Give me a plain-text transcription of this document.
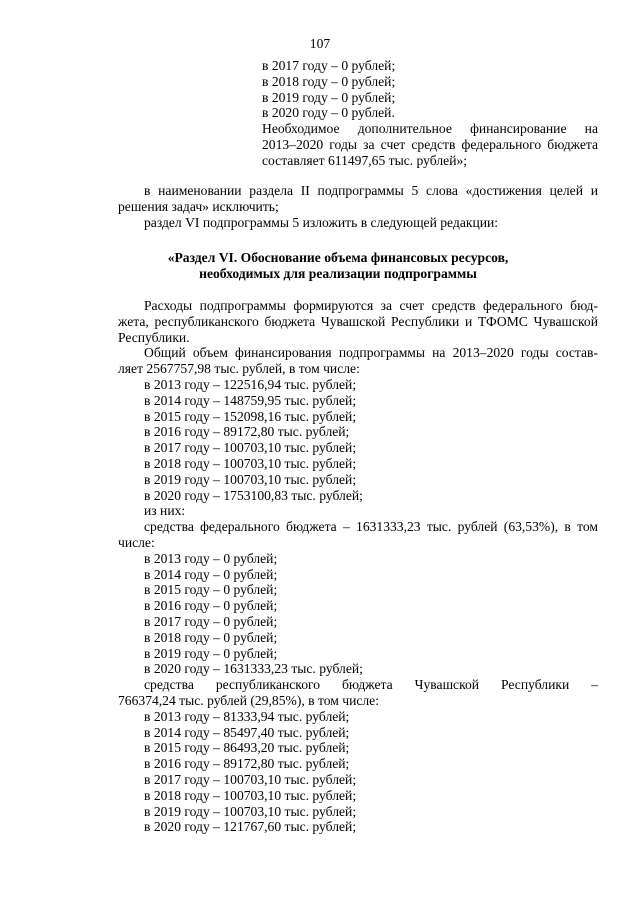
107
в 2017 году – 0 рублей;
в 2018 году – 0 рублей;
в 2019 году – 0 рублей;
в 2020 году – 0 рублей.
Необходимое дополнительное финансирование на
2013–2020 годы за счет средств федерального бюджета
составляет 611497,65 тыс. рублей»;
в наименовании раздела II подпрограммы 5 слова «достижения целей и
решения задач» исключить;
раздел VI подпрограммы 5 изложить в следующей редакции:
«Раздел VI. Обоснование объема финансовых ресурсов,
необходимых для реализации подпрограммы
Расходы подпрограммы формируются за счет средств федерального бюд-
жета, республиканского бюджета Чувашской Республики и ТФОМС Чувашской
Республики.
Общий объем финансирования подпрограммы на 2013–2020 годы состав-
ляет 2567757,98 тыс. рублей, в том числе:
в 2013 году – 122516,94 тыс. рублей;
в 2014 году – 148759,95 тыс. рублей;
в 2015 году – 152098,16 тыс. рублей;
в 2016 году – 89172,80 тыс. рублей;
в 2017 году – 100703,10 тыс. рублей;
в 2018 году – 100703,10 тыс. рублей;
в 2019 году – 100703,10 тыс. рублей;
в 2020 году – 1753100,83 тыс. рублей;
из них:
средства федерального бюджета – 1631333,23 тыс. рублей (63,53%), в том
числе:
в 2013 году – 0 рублей;
в 2014 году – 0 рублей;
в 2015 году – 0 рублей;
в 2016 году – 0 рублей;
в 2017 году – 0 рублей;
в 2018 году – 0 рублей;
в 2019 году – 0 рублей;
в 2020 году – 1631333,23 тыс. рублей;
средства республиканского бюджета Чувашской Республики –
766374,24 тыс. рублей (29,85%), в том числе:
в 2013 году – 81333,94 тыс. рублей;
в 2014 году – 85497,40 тыс. рублей;
в 2015 году – 86493,20 тыс. рублей;
в 2016 году – 89172,80 тыс. рублей;
в 2017 году – 100703,10 тыс. рублей;
в 2018 году – 100703,10 тыс. рублей;
в 2019 году – 100703,10 тыс. рублей;
в 2020 году – 121767,60 тыс. рублей;
